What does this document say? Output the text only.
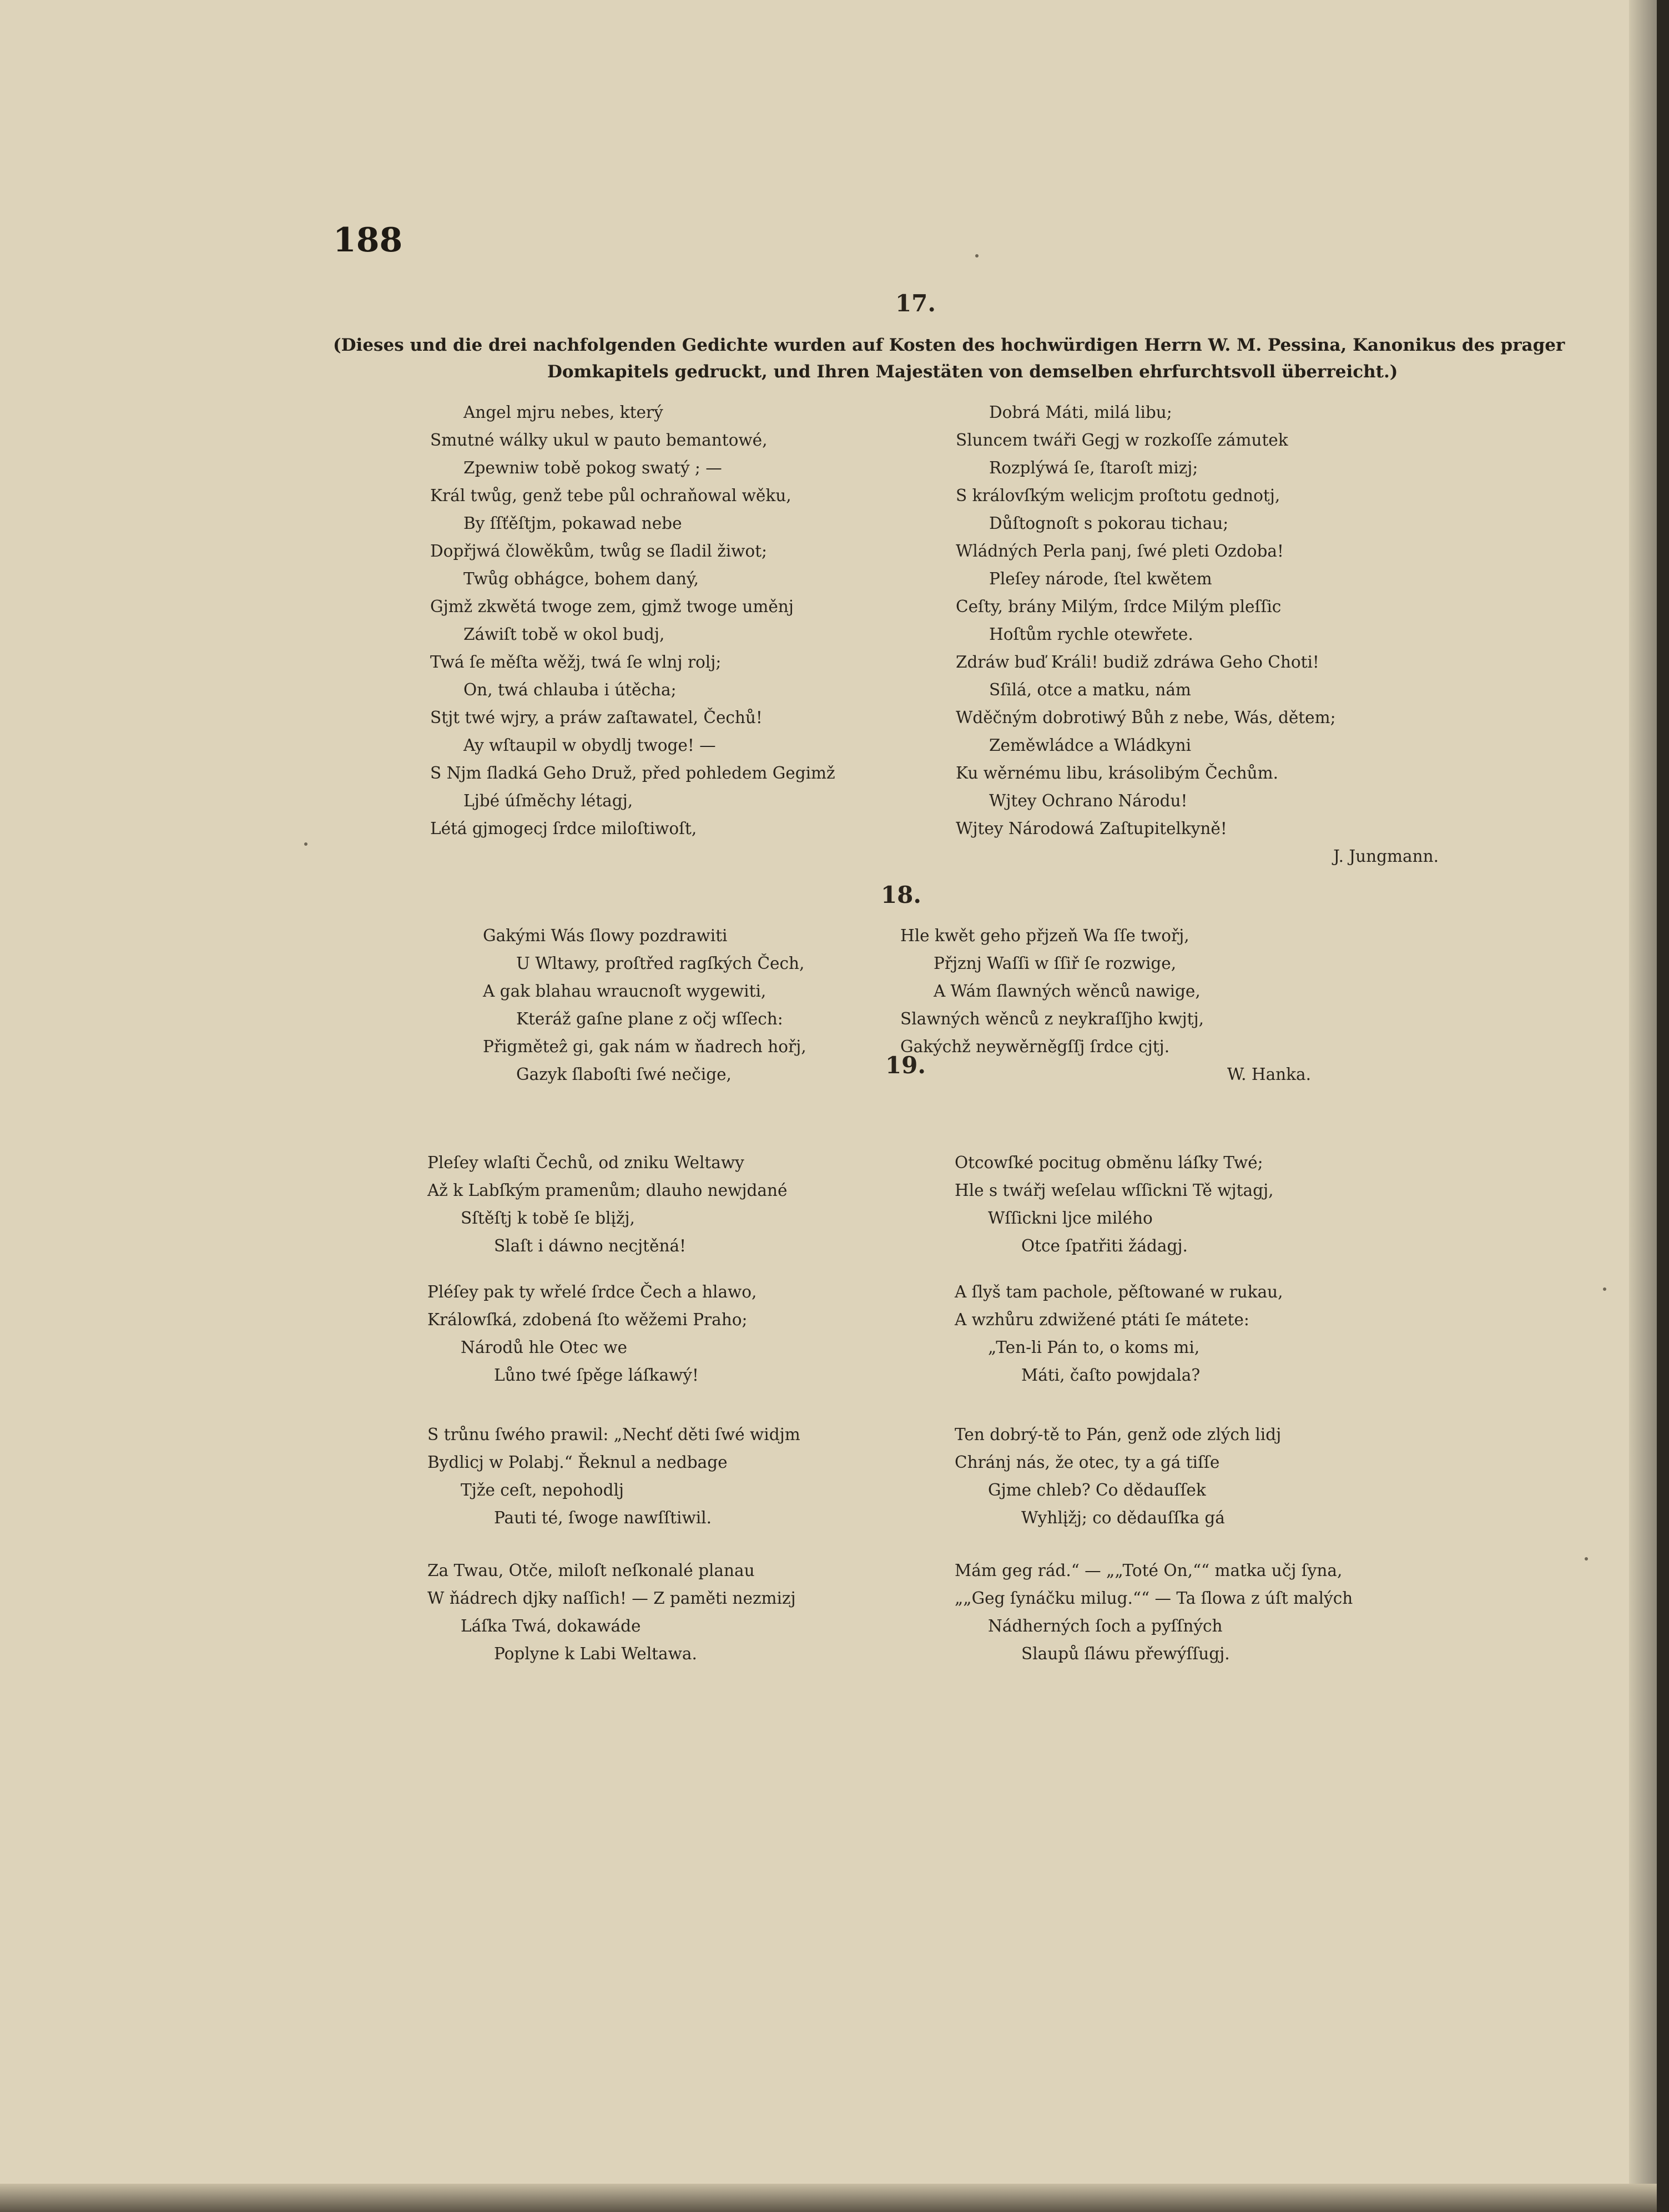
188
17.
(Dieses und die drei nachfolgenden Gedichte wurden auf Kosten des hochwürdigen Herrn W. M. Pessina, Kanonikus des prager
Domkapitels gedruckt, und Ihren Majestäten von demselben ehrfurchtsvoll überreicht.)
Angel mjru nebes, který
Smutné wálky ukul w pauto bemantowé,
Zpewniw tobě pokog swatý ; —
Král twůg, genž tebe půl ochraňowal wěku,
By ſſťěſtjm, pokawad nebe
Dopřjwá člowěkům, twůg se ſladil žiwot;
Twůg obhágce, bohem daný,
Gjmž zkwětá twoge zem, gjmž twoge uměnj
Záwiſt tobě w okol budj,
Twá ſe měſta wěžj, twá ſe wlnj rolj;
On, twá chlauba i útěcha;
Stjt twé wjry, a práw zaſtawatel, Čechů!
Ay wſtaupil w obydlj twoge! —
S Njm ſladká Geho Druž, před pohledem Gegimž
Ljbé úſměchy létagj,
Létá gjmogecj ſrdce miloſtiwoſt,
Dobrá Máti, milá libu;
Sluncem twáři Gegj w rozkoſſe zámutek
Rozplýwá ſe, ſtaroſt mizj;
S královſkým welicjm proſtotu gednotj,
Důſtognoſt s pokorau tichau;
Wládných Perla panj, ſwé pleti Ozdoba!
Pleſey národe, ſtel kwětem
Ceſty, brány Milým, ſrdce Milým pleſſic
Hoſtům rychle otewřete.
Zdráw buď Králi! budiž zdráwa Geho Choti!
Sſilá, otce a matku, nám
Wděčným dobrotiwý Bůh z nebe, Wás, dětem;
Zeměwládce a Wládkyni
Ku wěrnému libu, krásolibým Čechům.
Wjtey Ochrano Národu!
Wjtey Národowá Zaſtupitelkyně!
J. Jungmann.
18.
Gakými Wás ſlowy pozdrawiti
U Wltawy, proſtřed ragſkých Čech,
A gak blahau wraucnoſt wygewiti,
Kteráž gaſne plane z očj wſſech:
Přigměteẑ gi, gak nám w ňadrech hořj,
Gazyk ſlaboſti ſwé nečige,
Hle kwět geho přjzeň Wa ſſe twořj,
Přjznj Waſſi w ſſiř ſe rozwige,
A Wám ſlawných wěnců nawige,
Slawných wěnců z neykraſſjho kwjtj,
Gakýchž neywěrněgſſj ſrdce cjtj.
W. Hanka.
19.
Pleſey wlaſti Čechů, od zniku Weltawy
Až k Labſkým pramenům; dlauho newjdané
Sſtěſtj k tobě ſe blįžj,
Slaſt i dáwno necjtěná!
Otcowſké pocitug obměnu láſky Twé;
Hle s twářj weſelau wſſickni Tě wjtagj,
Wſſickni ljce milého
Otce ſpatřiti žádagj.
Pléſey pak ty wřelé ſrdce Čech a hlawo,
Králowſká, zdobená ſto wěžemi Praho;
Národů hle Otec we
Lůno twé ſpěge láſkawý!
A ſlyš tam pachole, pěſtowané w rukau,
A wzhůru zdwižené ptáti ſe mátete:
„Ten-li Pán to, o koms mi,
Máti, čaſto powjdala?
S trůnu ſwého prawil: „Nechť děti ſwé widjm
Bydlicj w Polabj.“ Řeknul a nedbage
Tjže ceſt, nepohodlj
Pauti té, ſwoge nawſſtiwil.
Ten dobrý-tě to Pán, genž ode zlých lidj
Chránj nás, že otec, ty a gá tiſſe
Gjme chleb? Co dědauſſek
Wyhlįžj; co dědauſſka gá
Za Twau, Otče, miloſt neſkonalé planau
W ňádrech djky naſſich! — Z paměti nezmizj
Láſka Twá, dokawáde
Poplyne k Labi Weltawa.
Mám geg rád.“ — „„Toté On,““ matka učj ſyna,
„„Geg ſynáčku milug.““ — Ta ſlowa z úſt malých
Nádherných ſoch a pyſſných
Slaupů ſláwu přewýſſugj.
